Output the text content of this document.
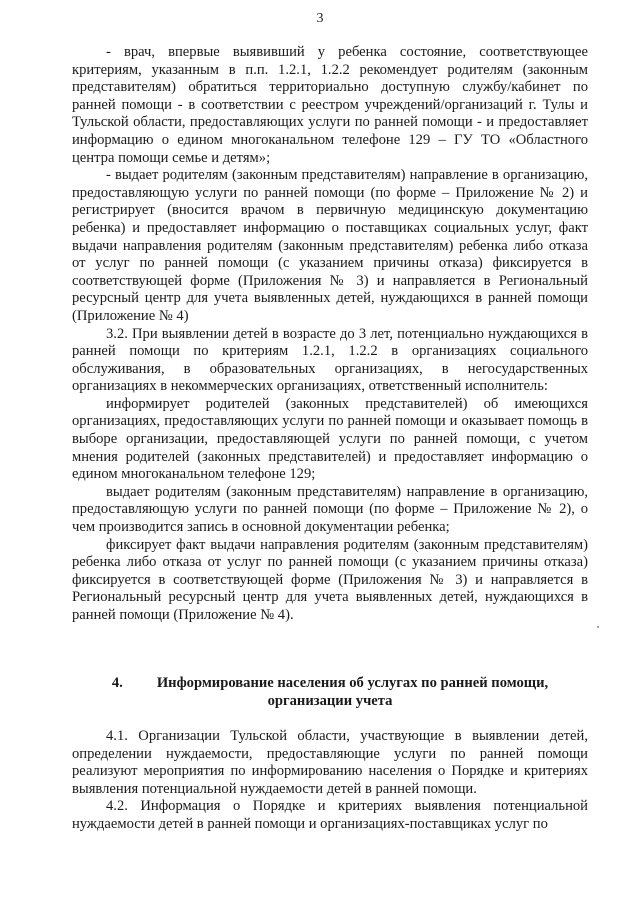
3

- врач, впервые выявивший у ребенка состояние, соответствующее критериям, указанным в п.п. 1.2.1, 1.2.2 рекомендует родителям (законным представителям) обратиться территориально доступную службу/кабинет по ранней помощи - в соответствии с реестром учреждений/организаций г. Тулы и Тульской области, предоставляющих услуги по ранней помощи - и предоставляет информацию о едином многоканальном телефоне 129 – ГУ ТО «Областного центра помощи семье и детям»;

- выдает родителям (законным представителям) направление в организацию, предоставляющую услуги по ранней помощи (по форме – Приложение № 2) и регистрирует (вносится врачом в первичную медицинскую документацию ребенка) и предоставляет информацию о поставщиках социальных услуг, факт выдачи направления родителям (законным представителям) ребенка либо отказа от услуг по ранней помощи (с указанием причины отказа) фиксируется в соответствующей форме (Приложения № 3) и направляется в Региональный ресурсный центр для учета выявленных детей, нуждающихся в ранней помощи (Приложение № 4)

3.2. При выявлении детей в возрасте до 3 лет, потенциально нуждающихся в ранней помощи по критериям 1.2.1, 1.2.2 в организациях социального обслуживания, в образовательных организациях, в негосударственных организациях в некоммерческих организациях, ответственный исполнитель:

информирует родителей (законных представителей) об имеющихся организациях, предоставляющих услуги по ранней помощи и оказывает помощь в выборе организации, предоставляющей услуги по ранней помощи, с учетом мнения родителей (законных представителей) и предоставляет информацию о едином многоканальном телефоне 129;

выдает родителям (законным представителям) направление в организацию, предоставляющую услуги по ранней помощи (по форме – Приложение № 2), о чем производится запись в основной документации ребенка;

фиксирует факт выдачи направления родителям (законным представителям) ребенка либо отказа от услуг по ранней помощи (с указанием причины отказа) фиксируется в соответствующей форме (Приложения № 3) и направляется в Региональный ресурсный центр для учета выявленных детей, нуждающихся в ранней помощи (Приложение № 4).

4. Информирование населения об услугах по ранней помощи,
организации учета

4.1. Организации Тульской области, участвующие в выявлении детей, определении нуждаемости, предоставляющие услуги по ранней помощи реализуют мероприятия по информированию населения о Порядке и критериях выявления потенциальной нуждаемости детей в ранней помощи.

4.2. Информация о Порядке и критериях выявления потенциальной нуждаемости детей в ранней помощи и организациях-поставщиках услуг по
